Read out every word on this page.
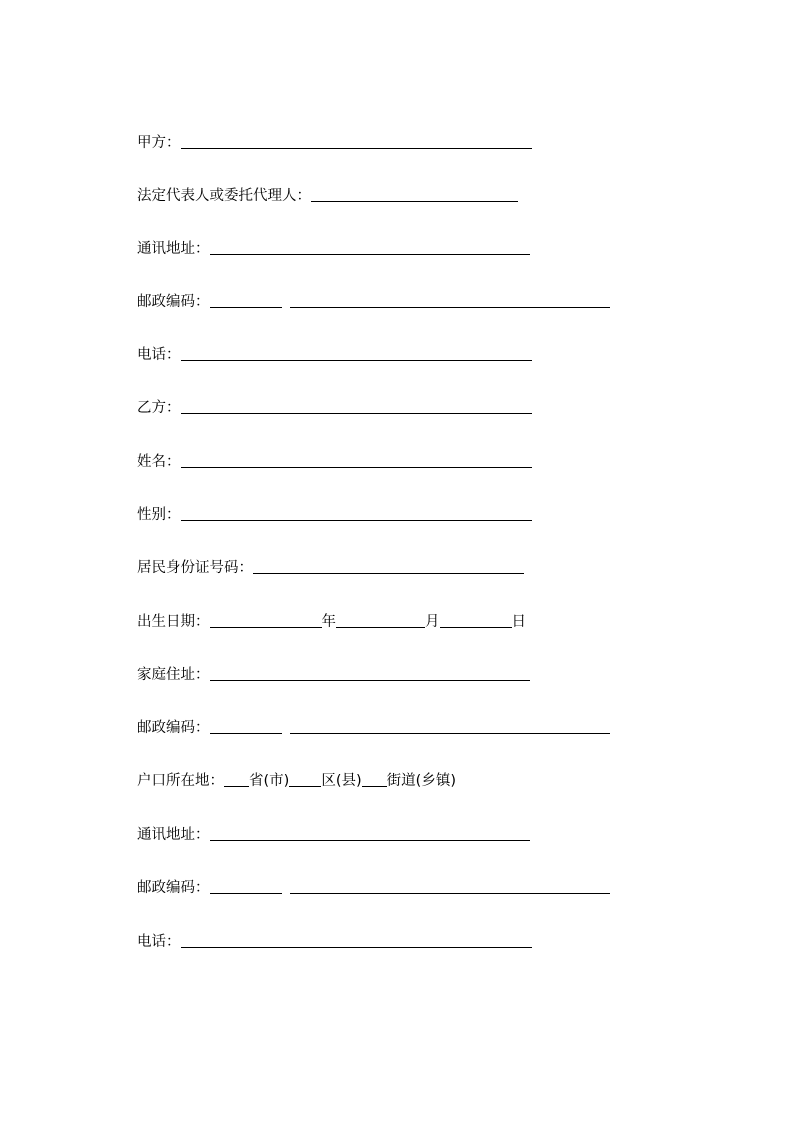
甲方：
法定代表人或委托代理人：
通讯地址：
邮政编码：
电话：
乙方：
姓名：
性别：
居民身份证号码：
出生日期：	年	月	日
家庭住址：
邮政编码：
户口所在地： 省(市) 区(县) 街道(乡镇)
通讯地址：
邮政编码：
电话：
